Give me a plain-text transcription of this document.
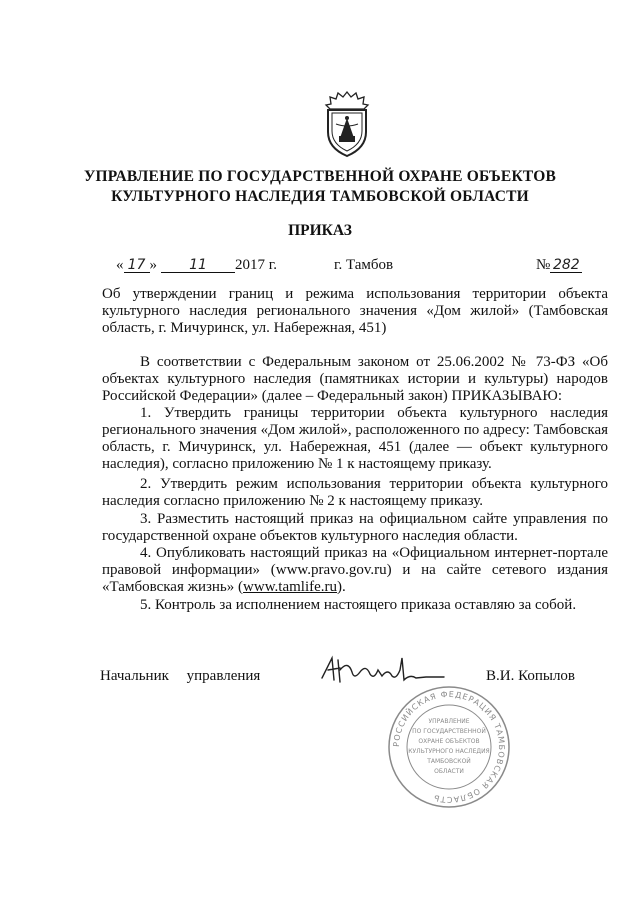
УПРАВЛЕНИЕ ПО ГОСУДАРСТВЕННОЙ ОХРАНЕ ОБЪЕКТОВ
КУЛЬТУРНОГО НАСЛЕДИЯ ТАМБОВСКОЙ ОБЛАСТИ
ПРИКАЗ
« 17 » 11 2017 г.	г. Тамбов	№ 282

Об утверждении границ и режима использования территории объекта культурного наследия регионального значения «Дом жилой» (Тамбовская область, г. Мичуринск, ул. Набережная, 451)

В соответствии с Федеральным законом от 25.06.2002 № 73-ФЗ «Об объектах культурного наследия (памятниках истории и культуры) народов Российской Федерации» (далее – Федеральный закон) ПРИКАЗЫВАЮ:

1. Утвердить границы территории объекта культурного наследия регионального значения «Дом жилой», расположенного по адресу: Тамбовская область, г. Мичуринск, ул. Набережная, 451 (далее — объект культурного наследия), согласно приложению № 1 к настоящему приказу.

2. Утвердить режим использования территории объекта культурного наследия согласно приложению № 2 к настоящему приказу.

3. Разместить настоящий приказ на официальном сайте управления по государственной охране объектов культурного наследия области.

4. Опубликовать настоящий приказ на «Официальном интернет-портале правовой информации» (www.pravo.gov.ru) и на сайте сетевого издания «Тамбовская жизнь» (www.tamlife.ru).

5. Контроль за исполнением настоящего приказа оставляю за собой.

Начальник управления	В.И. Копылов
РОССИЙСКАЯ ФЕДЕРАЦИЯ ТАМБОВСКАЯ ОБЛАСТЬ
УПРАВЛЕНИЕ
ПО ГОСУДАРСТВЕННОЙ
ОХРАНЕ ОБЪЕКТОВ
КУЛЬТУРНОГО НАСЛЕДИЯ
ТАМБОВСКОЙ
ОБЛАСТИ
